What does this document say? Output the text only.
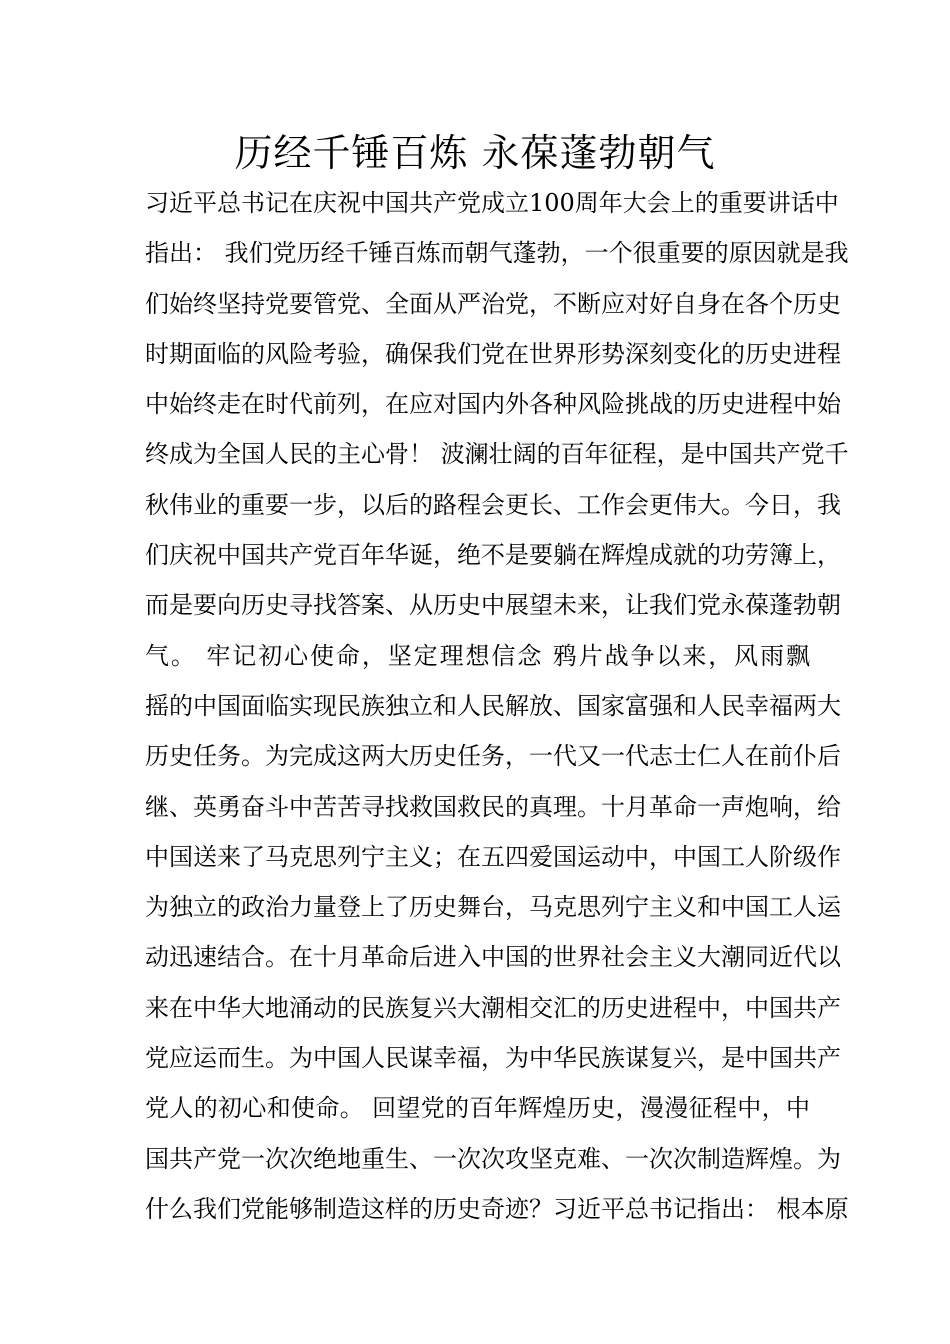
历经千锤百炼 永葆蓬勃朝气
习近平总书记在庆祝中国共产党成立100周年大会上的重要讲话中
指出： 我们党历经千锤百炼而朝气蓬勃，一个很重要的原因就是我
们始终坚持党要管党、全面从严治党，不断应对好自身在各个历史
时期面临的风险考验，确保我们党在世界形势深刻变化的历史进程
中始终走在时代前列，在应对国内外各种风险挑战的历史进程中始
终成为全国人民的主心骨！ 波澜壮阔的百年征程，是中国共产党千
秋伟业的重要一步，以后的路程会更长、工作会更伟大。今日，我
们庆祝中国共产党百年华诞，绝不是要躺在辉煌成就的功劳簿上，
而是要向历史寻找答案、从历史中展望未来，让我们党永葆蓬勃朝
气。 牢记初心使命，坚定理想信念 鸦片战争以来，风雨飘
摇的中国面临实现民族独立和人民解放、国家富强和人民幸福两大
历史任务。为完成这两大历史任务，一代又一代志士仁人在前仆后
继、英勇奋斗中苦苦寻找救国救民的真理。十月革命一声炮响，给
中国送来了马克思列宁主义；在五四爱国运动中，中国工人阶级作
为独立的政治力量登上了历史舞台，马克思列宁主义和中国工人运
动迅速结合。在十月革命后进入中国的世界社会主义大潮同近代以
来在中华大地涌动的民族复兴大潮相交汇的历史进程中，中国共产
党应运而生。为中国人民谋幸福，为中华民族谋复兴，是中国共产
党人的初心和使命。 回望党的百年辉煌历史，漫漫征程中，中
国共产党一次次绝地重生、一次次攻坚克难、一次次制造辉煌。为
什么我们党能够制造这样的历史奇迹？习近平总书记指出： 根本原
